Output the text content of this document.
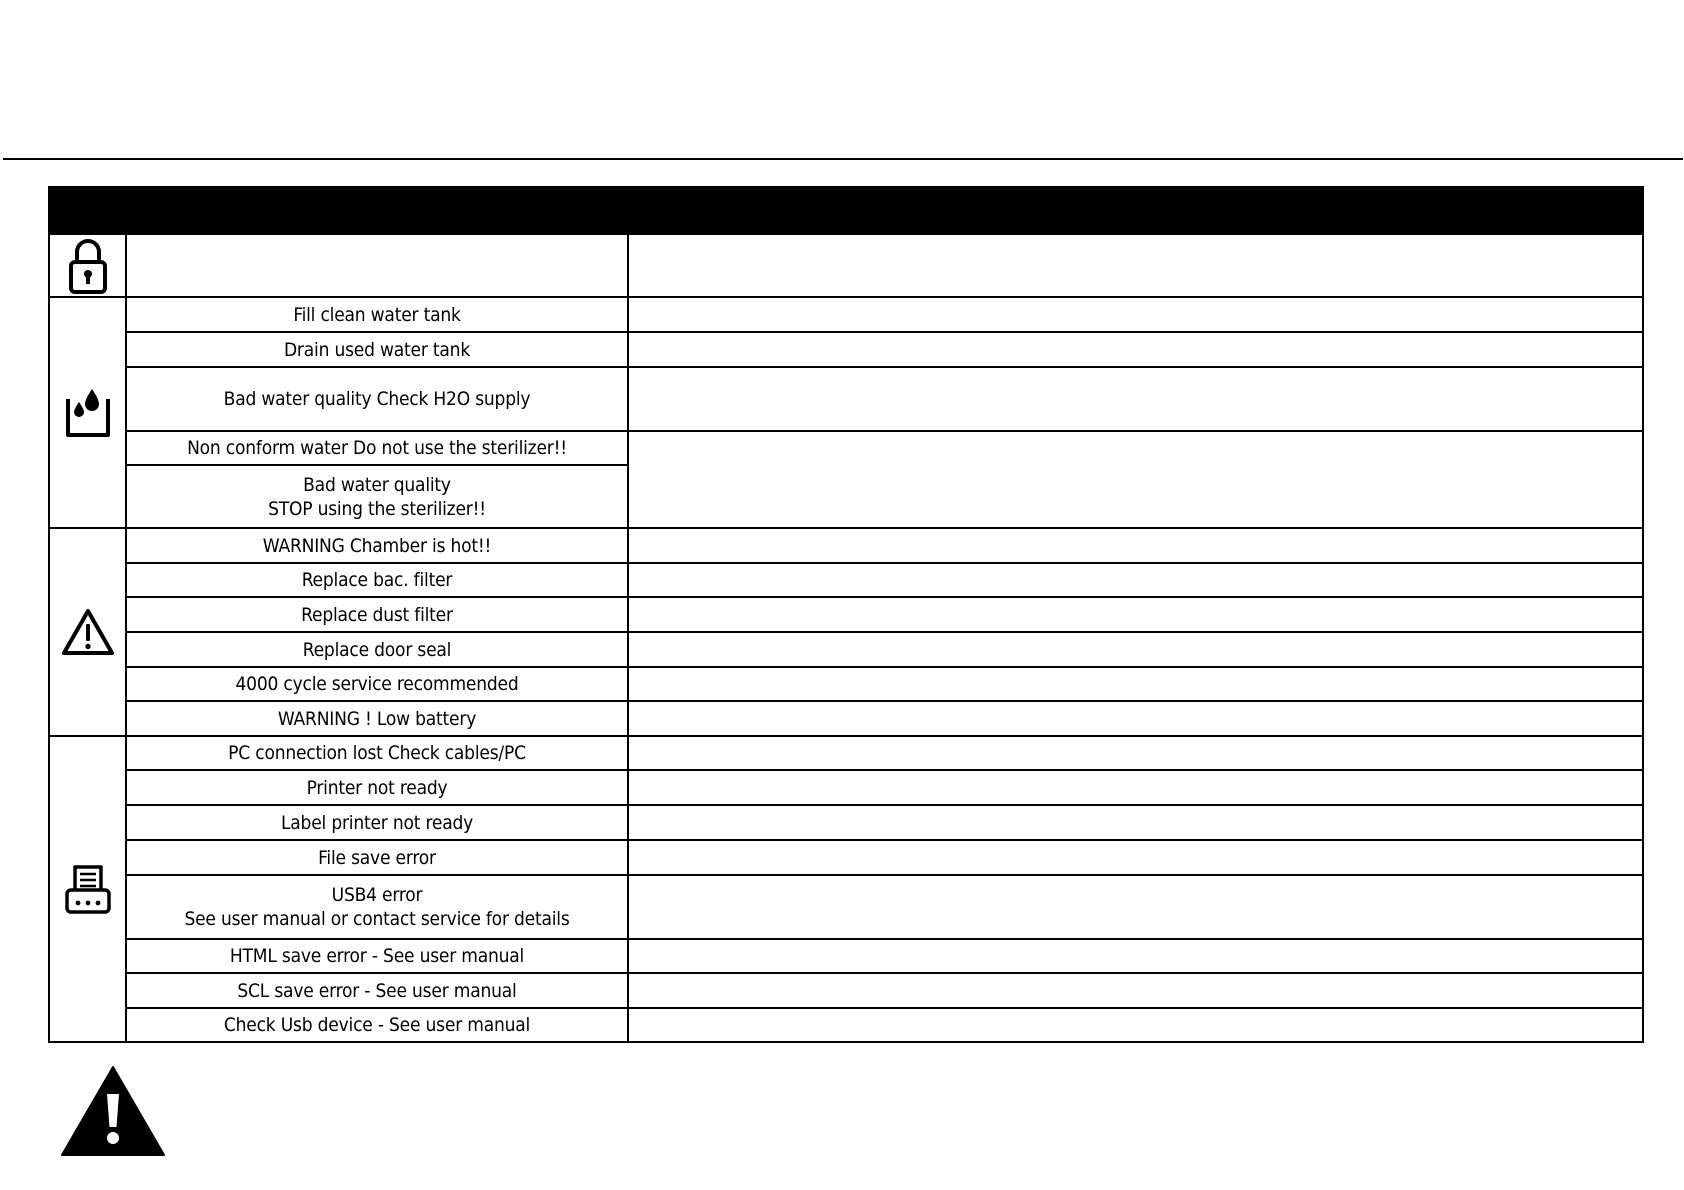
	Fill clean water tank	
	Drain used water tank	
	Bad water quality Check H2O supply	
	Non conform water Do not use the sterilizer!!	

	Bad water quality
STOP using the sterilizer!!	

	WARNING Chamber is hot!!	
	Replace bac. filter	
	Replace dust filter	
	Replace door seal	
	4000 cycle service recommended	
	WARNING ! Low battery	

	PC connection lost Check cables/PC	
	Printer not ready	
	Label printer not ready	
	File save error	

	USB4 error
See user manual or contact service for details	

	HTML save error - See user manual	
	SCL save error - See user manual	
	Check Usb device - See user manual	
